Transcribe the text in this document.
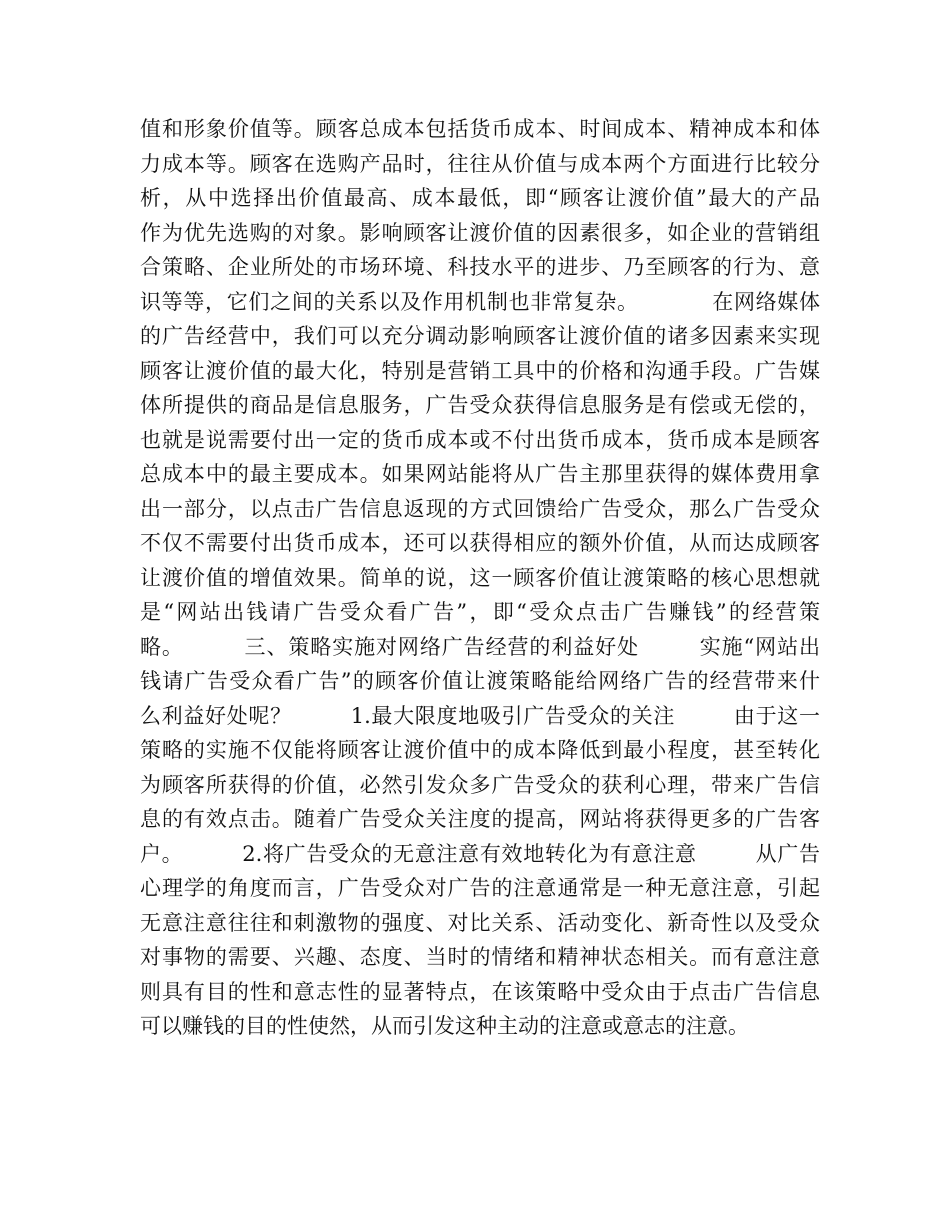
值和形象价值等。顾客总成本包括货币成本、时间成本、精神成本和体
力成本等。顾客在选购产品时，往往从价值与成本两个方面进行比较分
析，从中选择出价值最高、成本最低，即“顾客让渡价值”最大的产品
作为优先选购的对象。影响顾客让渡价值的因素很多，如企业的营销组
合策略、企业所处的市场环境、科技水平的进步、乃至顾客的行为、意
识等等，它们之间的关系以及作用机制也非常复杂。          在网络媒体
的广告经营中，我们可以充分调动影响顾客让渡价值的诸多因素来实现
顾客让渡价值的最大化，特别是营销工具中的价格和沟通手段。广告媒
体所提供的商品是信息服务，广告受众获得信息服务是有偿或无偿的，
也就是说需要付出一定的货币成本或不付出货币成本，货币成本是顾客
总成本中的最主要成本。如果网站能将从广告主那里获得的媒体费用拿
出一部分，以点击广告信息返现的方式回馈给广告受众，那么广告受众
不仅不需要付出货币成本，还可以获得相应的额外价值，从而达成顾客
让渡价值的增值效果。简单的说，这一顾客价值让渡策略的核心思想就
是“网站出钱请广告受众看广告”，即“受众点击广告赚钱”的经营策
略。        三、策略实施对网络广告经营的利益好处        实施“网站出
钱请广告受众看广告”的顾客价值让渡策略能给网络广告的经营带来什
么利益好处呢？        1.最大限度地吸引广告受众的关注        由于这一
策略的实施不仅能将顾客让渡价值中的成本降低到最小程度，甚至转化
为顾客所获得的价值，必然引发众多广告受众的获利心理，带来广告信
息的有效点击。随着广告受众关注度的提高，网站将获得更多的广告客
户。        2.将广告受众的无意注意有效地转化为有意注意        从广告
心理学的角度而言，广告受众对广告的注意通常是一种无意注意，引起
无意注意往往和刺激物的强度、对比关系、活动变化、新奇性以及受众
对事物的需要、兴趣、态度、当时的情绪和精神状态相关。而有意注意
则具有目的性和意志性的显著特点，在该策略中受众由于点击广告信息
可以赚钱的目的性使然，从而引发这种主动的注意或意志的注意。
